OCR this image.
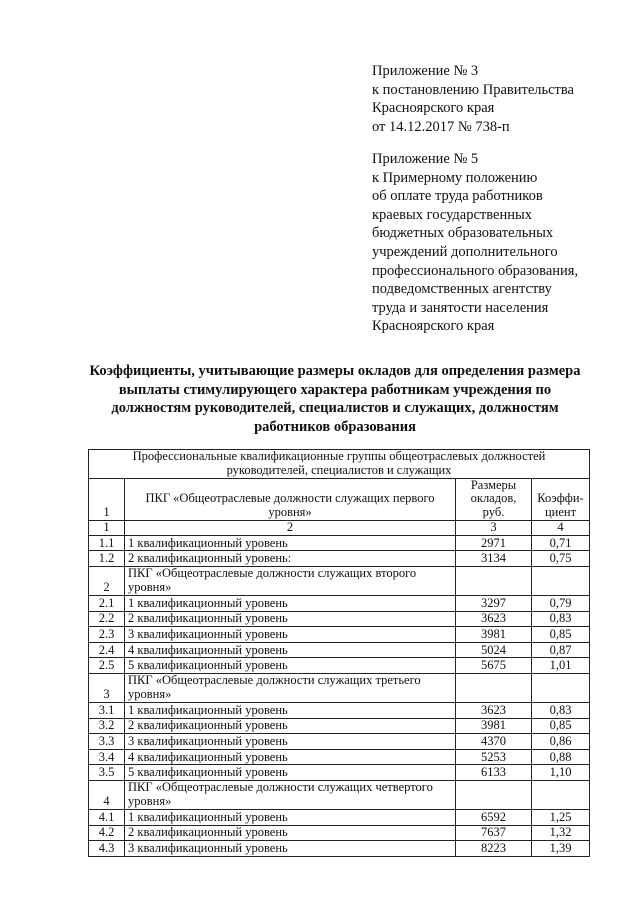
Приложение № 3
к постановлению Правительства
Красноярского края
от 14.12.2017 № 738-п
Приложение № 5
к Примерному положению
об оплате труда работников
краевых государственных
бюджетных образовательных
учреждений дополнительного
профессионального образования,
подведомственных агентству
труда и занятости населения
Красноярского края
Коэффициенты, учитывающие размеры окладов для определения размера
выплаты стимулирующего характера работникам учреждения по
должностям руководителей, специалистов и служащих, должностям
работников образования
Профессиональные квалификационные группы общеотраслевых должностей руководителей, специалистов и служащих			
1	ПКГ «Общеотраслевые должности служащих первого уровня»	Размеры окладов, руб.	Коэффи- циент
1	2	3	4
1.1	1 квалификационный уровень	2971	0,71
1.2	2 квалификационный уровень:	3134	0,75
2	ПКГ «Общеотраслевые должности служащих второго уровня»		
2.1	1 квалификационный уровень	3297	0,79
2.2	2 квалификационный уровень	3623	0,83
2.3	3 квалификационный уровень	3981	0,85
2.4	4 квалификационный уровень	5024	0,87
2.5	5 квалификационный уровень	5675	1,01
3	ПКГ «Общеотраслевые должности служащих третьего уровня»		
3.1	1 квалификационный уровень	3623	0,83
3.2	2 квалификационный уровень	3981	0,85
3.3	3 квалификационный уровень	4370	0,86
3.4	4 квалификационный уровень	5253	0,88
3.5	5 квалификационный уровень	6133	1,10
4	ПКГ «Общеотраслевые должности служащих четвертого уровня»		
4.1	1 квалификационный уровень	6592	1,25
4.2	2 квалификационный уровень	7637	1,32
4.3	3 квалификационный уровень	8223	1,39
